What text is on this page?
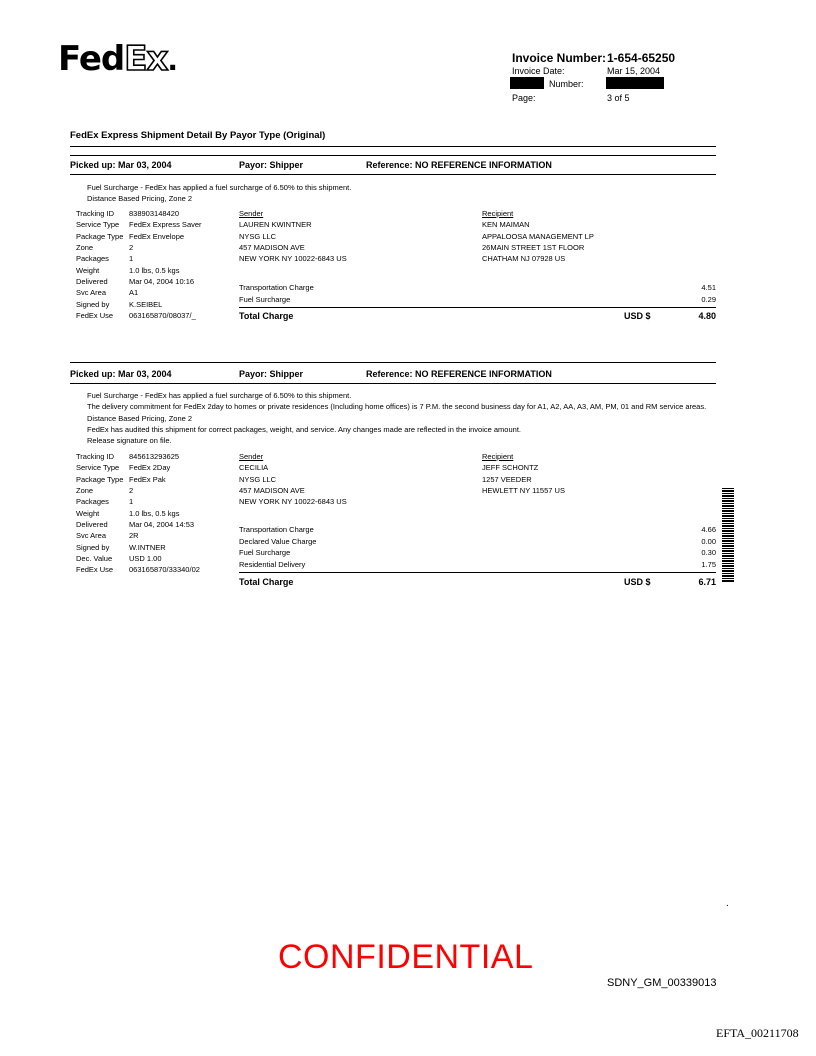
FedEx.	Invoice Number: 1-654-65250
Invoice Date:	Mar 15, 2004
Number:
Page:	3 of 5
FedEx Express Shipment Detail By Payor Type (Original)
Picked up: Mar 03, 2004	Payor: Shipper	Reference: NO REFERENCE INFORMATION
Fuel Surcharge - FedEx has applied a fuel surcharge of 6.50% to this shipment.
Distance Based Pricing, Zone 2
Tracking ID 838903148420
Service Type FedEx Express Saver
Package Type FedEx Envelope
Zone	2
Packages	1
Weight	1.0 lbs, 0.5 kgs
Delivered	Mar 04, 2004 10:16
Svc Area	A1
Signed by	K.SEIBEL
FedEx Use 063165870/08037/_
Sender
LAUREN KWINTNER
NYSG LLC
457 MADISON AVE
NEW YORK NY 10022-6843 US
Recipient
KEN MAIMAN
APPALOOSA MANAGEMENT LP
26MAIN STREET 1ST FLOOR
CHATHAM NJ 07928 US
Transportation Charge	4.51
Fuel Surcharge	0.29
Total Charge	USD $	4.80
Picked up: Mar 03, 2004	Payor: Shipper	Reference: NO REFERENCE INFORMATION
Fuel Surcharge - FedEx has applied a fuel surcharge of 6.50% to this shipment.
The delivery commitment for FedEx 2day to homes or private residences (Including home offices) is 7 P.M. the second business day for A1, A2, AA, A3, AM, PM, 01 and RM service areas.
Distance Based Pricing, Zone 2
FedEx has audited this shipment for correct packages, weight, and service. Any changes made are reflected in the invoice amount.
Release signature on file.
Tracking ID 845613293625
Service Type FedEx 2Day
Package Type FedEx Pak
Zone	2
Packages	1
Weight	1.0 lbs, 0.5 kgs
Delivered	Mar 04, 2004 14:53
Svc Area	2R
Signed by	W.INTNER
Dec. Value USD 1.00
FedEx Use 063165870/33340/02
Sender
CECILIA
NYSG LLC
457 MADISON AVE
NEW YORK NY 10022-6843 US
Recipient
JEFF SCHONTZ
1257 VEEDER
HEWLETT NY 11557 US
Transportation Charge	4.66
Declared Value Charge	0.00
Fuel Surcharge	0.30
Residential Delivery	1.75
Total Charge	USD $	6.71
.
CONFIDENTIAL
SDNY_GM_00339013
EFTA_00211708
